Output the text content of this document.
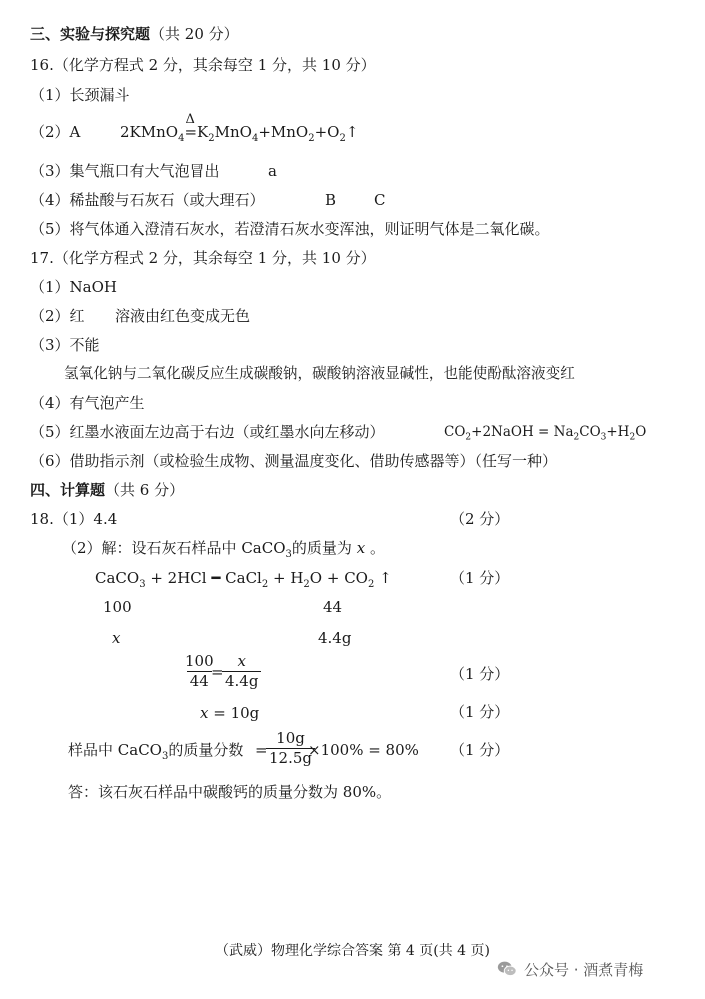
三、实验与探究题（共 20 分）
16.（化学方程式 2 分，其余每空 1 分，共 10 分）
（1）长颈漏斗
（2）A	2KMnO$_4$
Δ
$=K_2MnO_4+MnO_2+O_2↑$
（3）集气瓶口有大气泡冒出	a
（4）稀盐酸与石灰石（或大理石）	B	C
（5）将气体通入澄清石灰水，若澄清石灰水变浑浊，则证明气体是二氧化碳。
17.（化学方程式 2 分，其余每空 1 分，共 10 分）
（1）NaOH
（2）红 溶液由红色变成无色
（3）不能
氢氧化钠与二氧化碳反应生成碳酸钠，碳酸钠溶液显碱性，也能使酚酞溶液变红
（4）有气泡产生
（5）红墨水液面左边高于右边（或红墨水向左移动）	$CO_2+2NaOH = Na_2CO_3+H_2O$
（6）借助指示剂（或检验生成物、测量温度变化、借助传感器等）（任写一种）
四、计算题（共 6 分）
18.（1）4.4	（2 分）
（2）解：设石灰石样品中 CaCO$_3$的质量为 x 。
CaCO$_3$ + 2HCl ━ CaCl$_2$ + $H_2O + CO_2$ ↑	（1 分）
100	44
x	4.4g
$\frac{100}{44}$
=
$\frac{x}{4.4g}$	（1 分）
x = 10g	（1 分）
样品中 CaCO$_3$的质量分数 =
$\frac{10g}{12.5g}$
×100% = 80% （1 分）
答：该石灰石样品中碳酸钙的质量分数为 80%。
（武威）物理化学综合答案 第 4 页(共 4 页)
公众号 · 酒煮青梅
